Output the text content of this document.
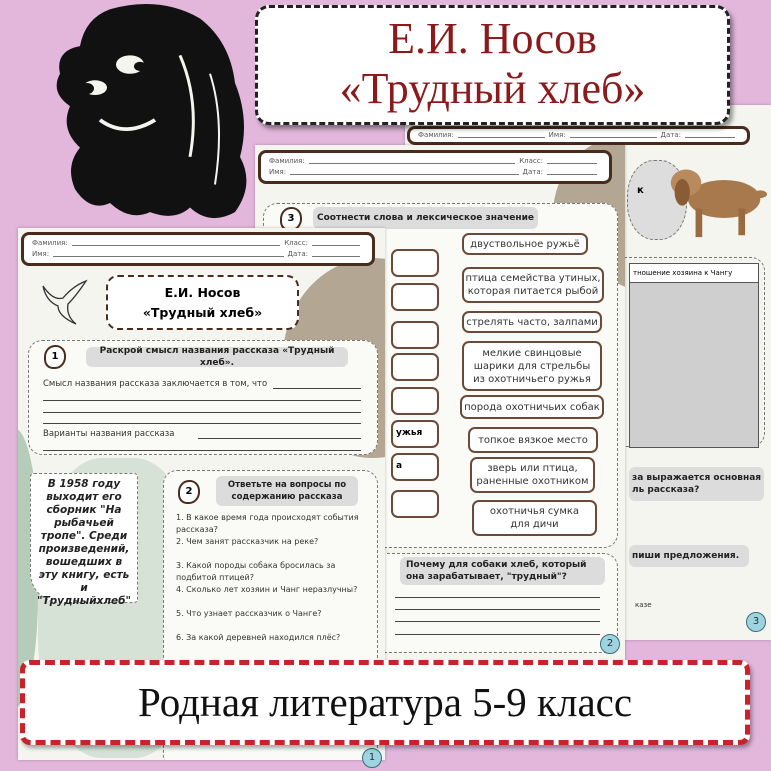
Фамилия:	Имя:	Дата:
к
тношение хозяина к Чангу
за выражается основная ль рассказа?
пиши предложения.
казе
3
Фамилия:	Класс:
Имя:	Дата:
3	Соотнести слова и лексическое значение
ужья
а
двуствольное ружьё
птица семейства утиных, которая питается рыбой
стрелять часто, залпами
мелкие свинцовые шарики для стрельбы из охотничьего ружья
порода охотничьих собак
топкое вязкое место
зверь или птица, раненные охотником
охотничья сумка для дичи
Почему для собаки хлеб, который она зарабатывает, "трудный"?
2
Фамилия:	Класс:
Имя:	Дата:
Е.И. Носов
«Трудный хлеб»
1	Раскрой смысл названия рассказа «Трудный хлеб».
Смысл названия рассказа заключается в том, что
Варианты названия рассказа
В 1958 году выходит его сборник "На рыбачьей тропе". Среди произведений, вошедших в эту книгу, есть и "Трудныйхлеб"
2
Ответьте на вопросы по содержанию рассказа
1. В какое время года происходят события рассказа?
2. Чем занят рассказчик на реке?
3. Какой породы собака бросилась за подбитой птицей?
4. Сколько лет хозяин и Чанг неразлучны?
5. Что узнает рассказчик о Чанге?
6. За какой деревней находился плёс?
1
Е.И. Носов
«Трудный хлеб»
Родная литература 5-9 класс
